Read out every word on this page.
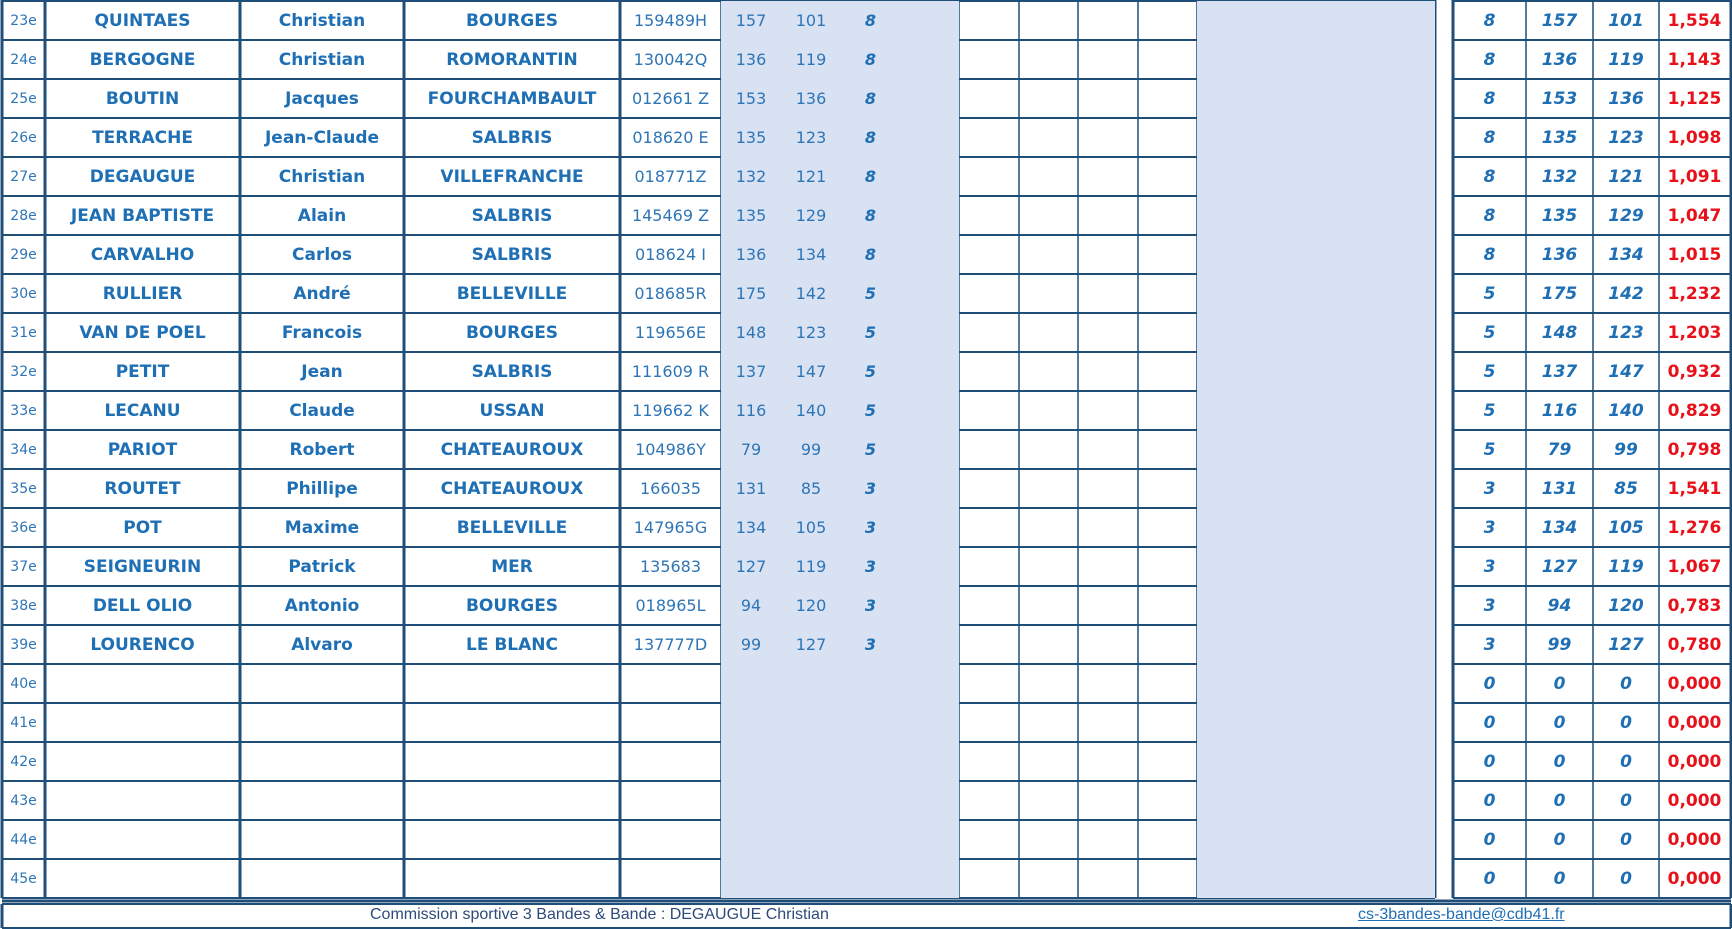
23e	QUINTAES	Christian	BOURGES	159489H	157	101	8	8	157	101	1,554
24e	BERGOGNE	Christian	ROMORANTIN	130042Q	136	119	8	8	136	119	1,143
25e	BOUTIN	Jacques	FOURCHAMBAULT	012661 Z	153	136	8	8	153	136	1,125
26e	TERRACHE	Jean-Claude	SALBRIS	018620 E	135	123	8	8	135	123	1,098
27e	DEGAUGUE	Christian	VILLEFRANCHE	018771Z	132	121	8	8	132	121	1,091
28e	JEAN BAPTISTE	Alain	SALBRIS	145469 Z	135	129	8	8	135	129	1,047
29e	CARVALHO	Carlos	SALBRIS	018624 I	136	134	8	8	136	134	1,015
30e	RULLIER	André	BELLEVILLE	018685R	175	142	5	5	175	142	1,232
31e	VAN DE POEL	Francois	BOURGES	119656E	148	123	5	5	148	123	1,203
32e	PETIT	Jean	SALBRIS	111609 R	137	147	5	5	137	147	0,932
33e	LECANU	Claude	USSAN	119662 K	116	140	5	5	116	140	0,829
34e	PARIOT	Robert	CHATEAUROUX	104986Y	79	99	5	5	79	99	0,798
35e	ROUTET	Phillipe	CHATEAUROUX	166035	131	85	3	3	131	85	1,541
36e	POT	Maxime	BELLEVILLE	147965G	134	105	3	3	134	105	1,276
37e	SEIGNEURIN	Patrick	MER	135683	127	119	3	3	127	119	1,067
38e	DELL OLIO	Antonio	BOURGES	018965L	94	120	3	3	94	120	0,783
39e	LOURENCO	Alvaro	LE BLANC	137777D	99	127	3	3	99	127	0,780
40e	0	0	0	0,000
41e	0	0	0	0,000
42e	0	0	0	0,000
43e	0	0	0	0,000
44e	0	0	0	0,000
45e	0	0	0	0,000
Commission sportive 3 Bandes & Bande : DEGAUGUE Christian	cs-3bandes-bande@cdb41.fr
